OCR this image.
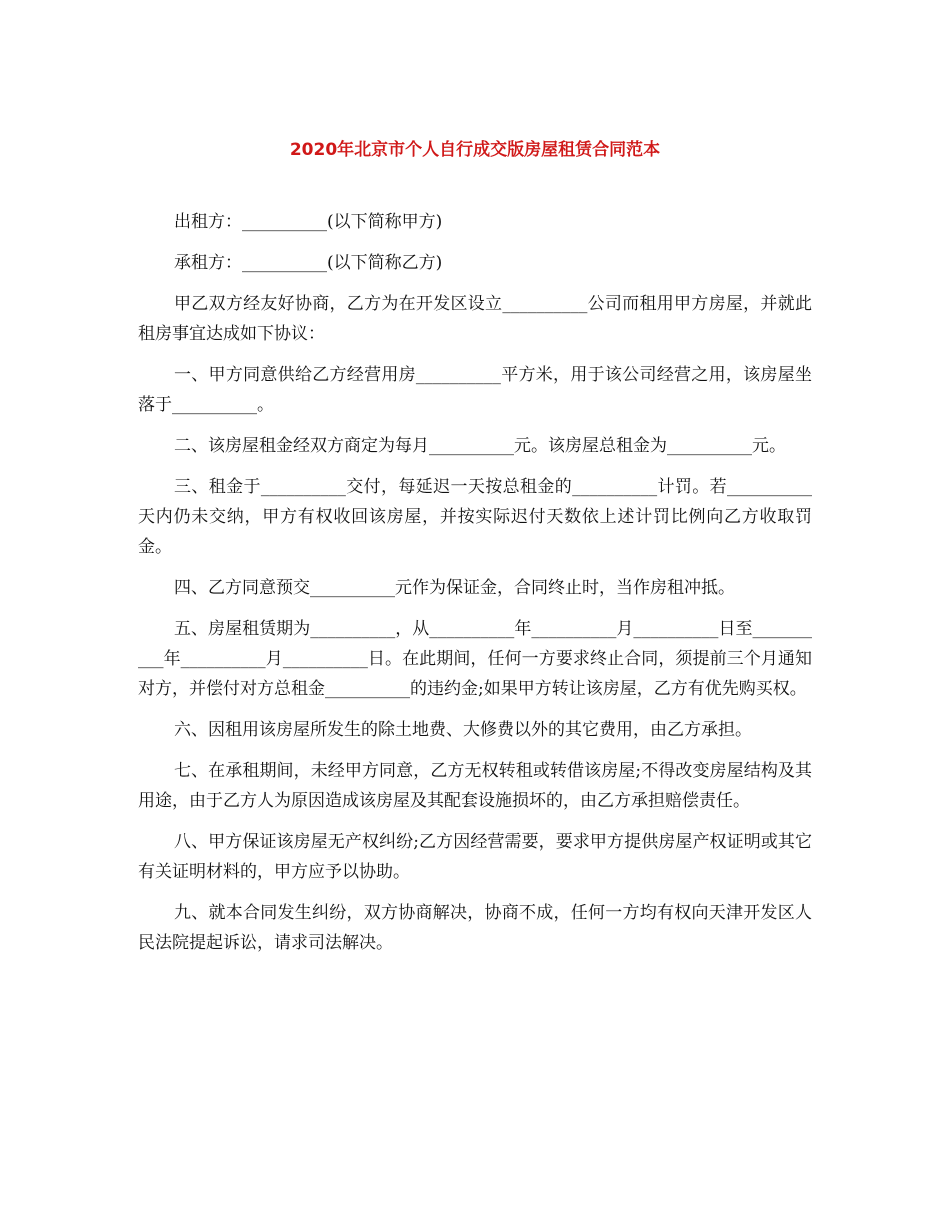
2020年北京市个人自行成交版房屋租赁合同范本

出租方：__________(以下简称甲方)

承租方：__________(以下简称乙方)

甲乙双方经友好协商，乙方为在开发区设立__________公司而租用甲方房屋，并就此租房事宜达成如下协议：

一、甲方同意供给乙方经营用房__________平方米，用于该公司经营之用，该房屋坐落于__________。

二、该房屋租金经双方商定为每月__________元。该房屋总租金为__________元。

三、租金于__________交付，每延迟一天按总租金的__________计罚。若__________天内仍未交纳，甲方有权收回该房屋，并按实际迟付天数依上述计罚比例向乙方收取罚金。

四、乙方同意预交__________元作为保证金，合同终止时，当作房租冲抵。

五、房屋租赁期为__________，从__________年__________月__________日至__________年__________月__________日。在此期间，任何一方要求终止合同，须提前三个月通知对方，并偿付对方总租金__________的违约金;如果甲方转让该房屋，乙方有优先购买权。

六、因租用该房屋所发生的除土地费、大修费以外的其它费用，由乙方承担。

七、在承租期间，未经甲方同意，乙方无权转租或转借该房屋;不得改变房屋结构及其用途，由于乙方人为原因造成该房屋及其配套设施损坏的，由乙方承担赔偿责任。

八、甲方保证该房屋无产权纠纷;乙方因经营需要，要求甲方提供房屋产权证明或其它有关证明材料的，甲方应予以协助。

九、就本合同发生纠纷，双方协商解决，协商不成，任何一方均有权向天津开发区人民法院提起诉讼，请求司法解决。
